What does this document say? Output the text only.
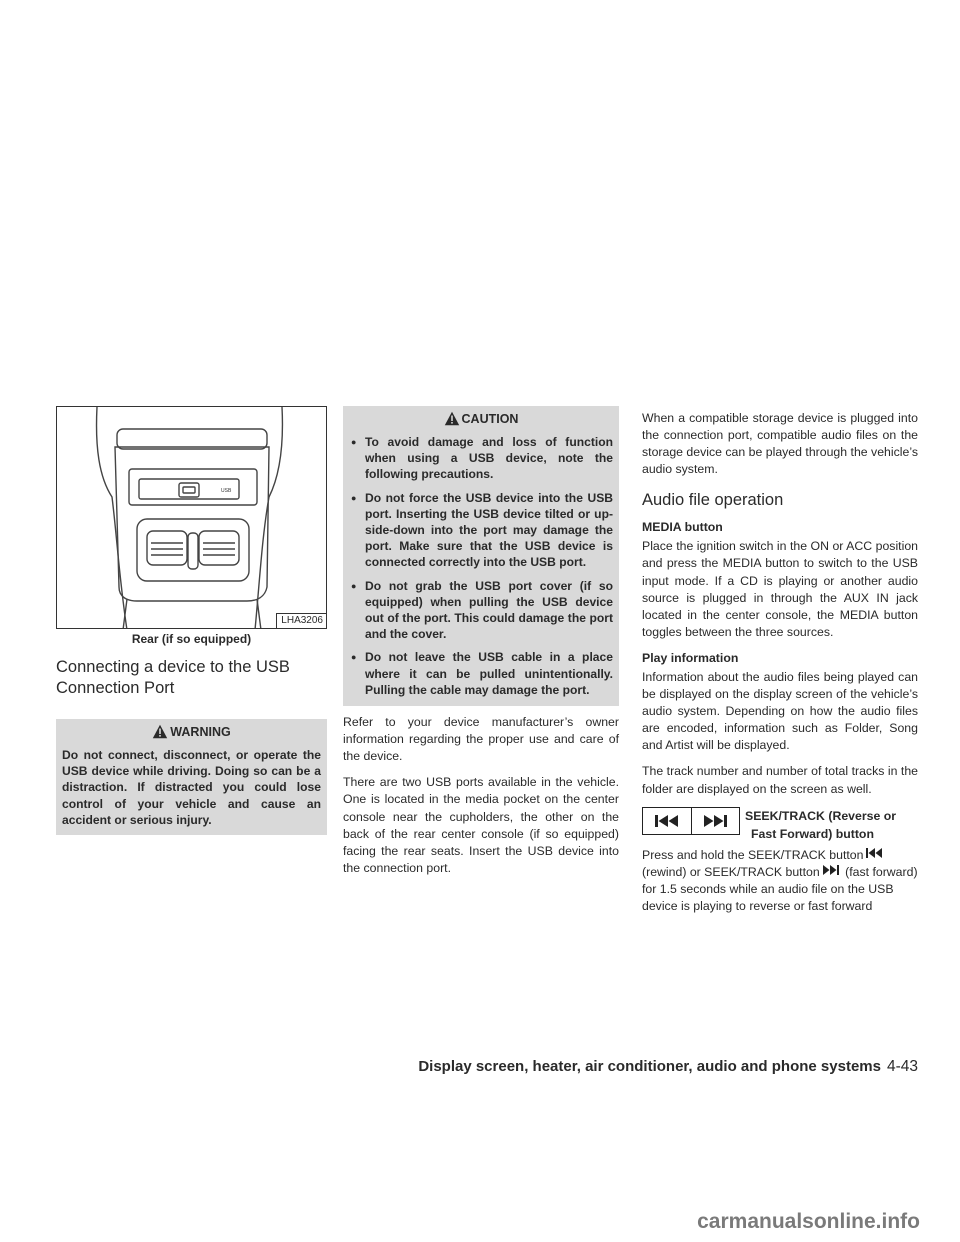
USB
LHA3206
Rear (if so equipped)
Connecting a device to the USB Connection Port
WARNING

Do not connect, disconnect, or operate the USB device while driving. Doing so can be a distraction. If distracted you could lose control of your vehicle and cause an accident or serious injury.

CAUTION
● To avoid damage and loss of function when using a USB device, note the following precautions.
● Do not force the USB device into the USB port. Inserting the USB device tilted or up-side-down into the port may damage the port. Make sure that the USB device is connected correctly into the USB port.
● Do not grab the USB port cover (if so equipped) when pulling the USB device out of the port. This could damage the port and the cover.
● Do not leave the USB cable in a place where it can be pulled unintentionally. Pulling the cable may damage the port.

Refer to your device manufacturer’s owner information regarding the proper use and care of the device.

There are two USB ports available in the vehicle. One is located in the media pocket on the center console near the cupholders, the other on the back of the rear center console (if so equipped) facing the rear seats. Insert the USB device into the connection port.

When a compatible storage device is plugged into the connection port, compatible audio files on the storage device can be played through the vehicle’s audio system.

Audio file operation
MEDIA button

Place the ignition switch in the ON or ACC position and press the MEDIA button to switch to the USB input mode. If a CD is playing or another audio source is plugged in through the AUX IN jack located in the center console, the MEDIA button toggles between the three sources.

Play information

Information about the audio files being played can be displayed on the display screen of the vehicle’s audio system. Depending on how the audio files are encoded, information such as Folder, Song and Artist will be displayed.

The track number and number of total tracks in the folder are displayed on the screen as well.

SEEK/TRACK (Reverse or
Fast Forward) button

Press and hold the SEEK/TRACK button
(rewind) or SEEK/TRACK button (fast forward) for 1.5 seconds while an audio file on the USB device is playing to reverse or fast forward

Display screen, heater, air conditioner, audio and phone systems 4-43
carmanualsonline.info
